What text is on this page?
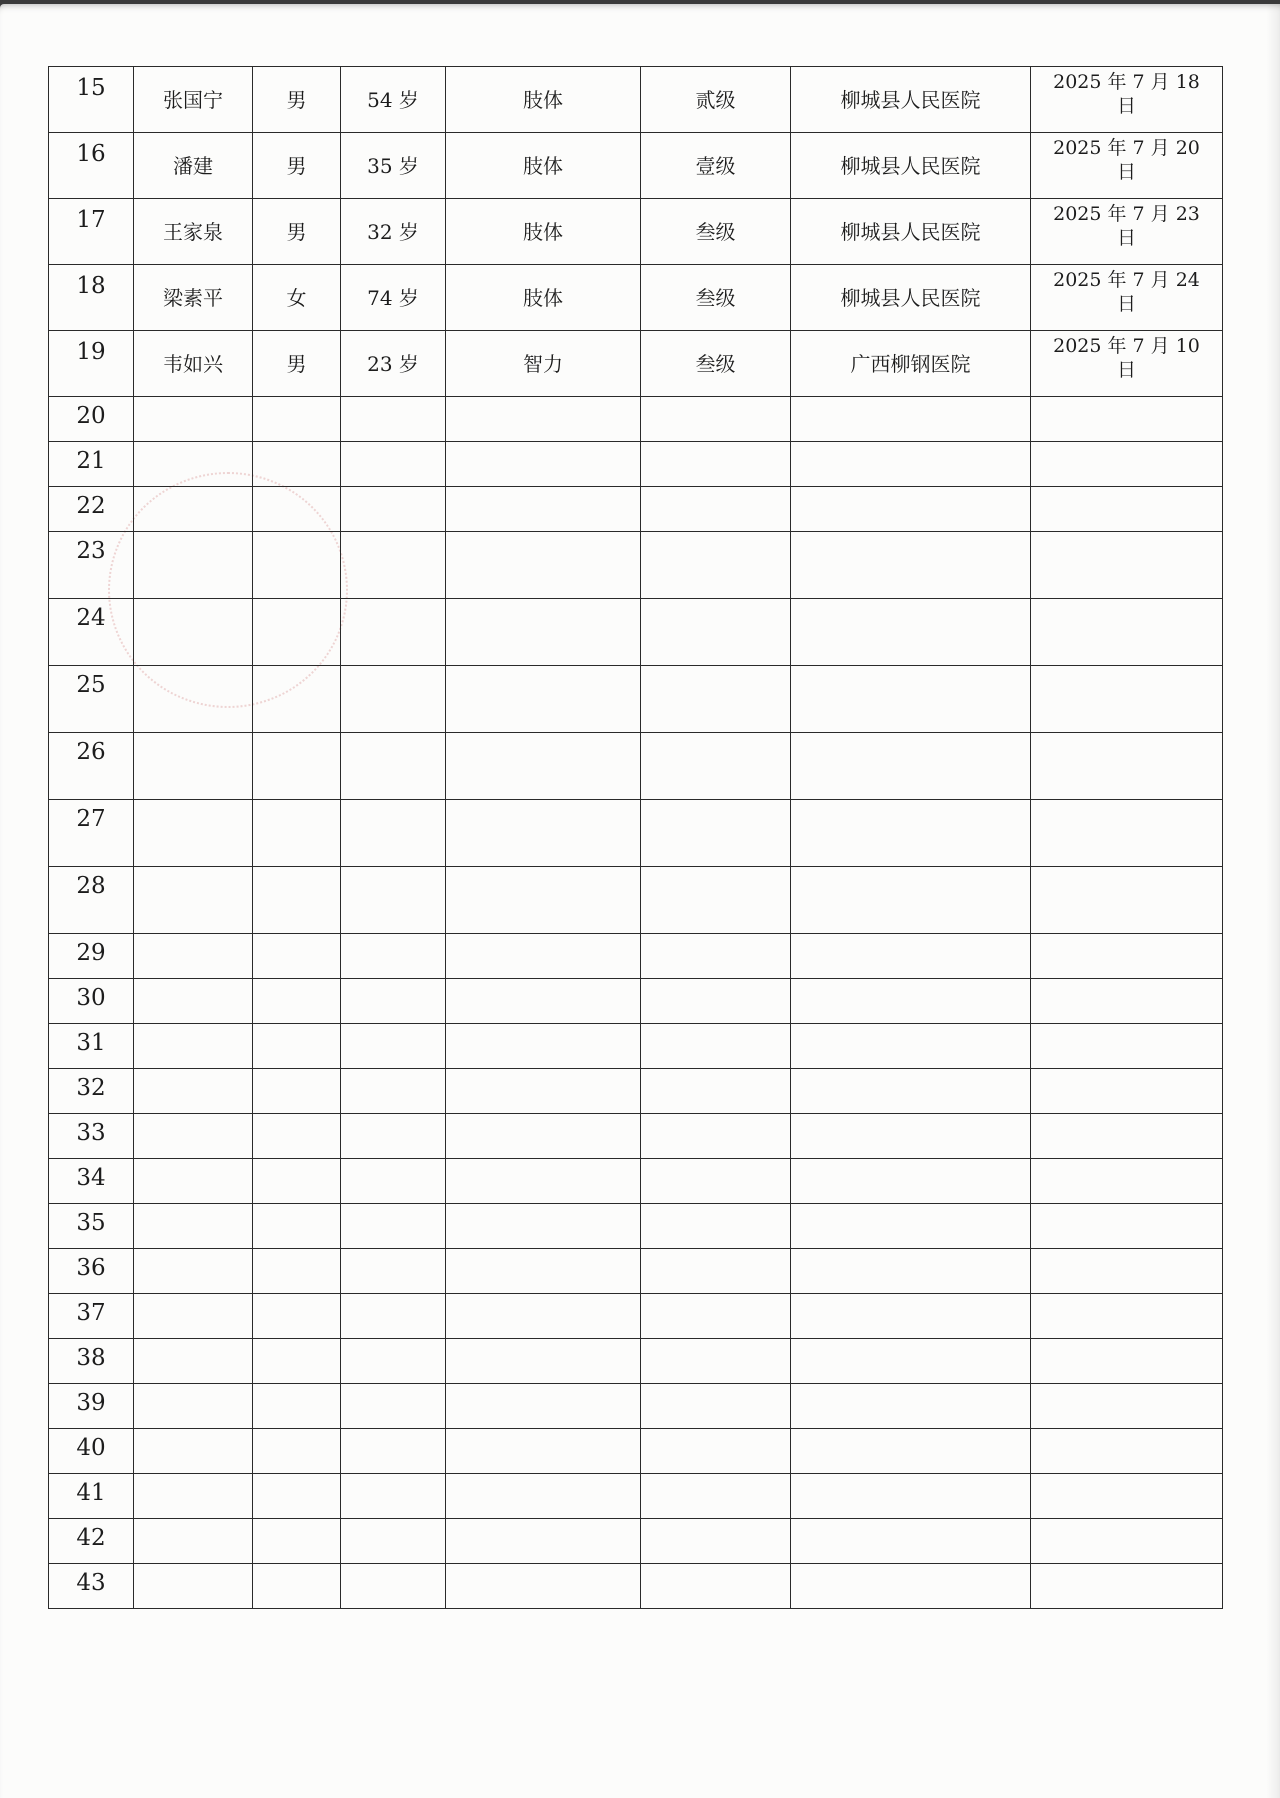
15	张国宁	男	54 岁	肢体	贰级	柳城县人民医院	2025 年 7 月 18
日

16	潘建	男	35 岁	肢体	壹级	柳城县人民医院	2025 年 7 月 20
日

17	王家泉	男	32 岁	肢体	叁级	柳城县人民医院	2025 年 7 月 23
日

18	梁素平	女	74 岁	肢体	叁级	柳城县人民医院	2025 年 7 月 24
日

19	韦如兴	男	23 岁	智力	叁级	广西柳钢医院	2025 年 7 月 10
日

20							
21							
22							
23							
24							
25							
26							
27							
28							
29							
30							
31							
32							
33							
34							
35							
36							
37							
38							
39							
40							
41							
42							
43							
